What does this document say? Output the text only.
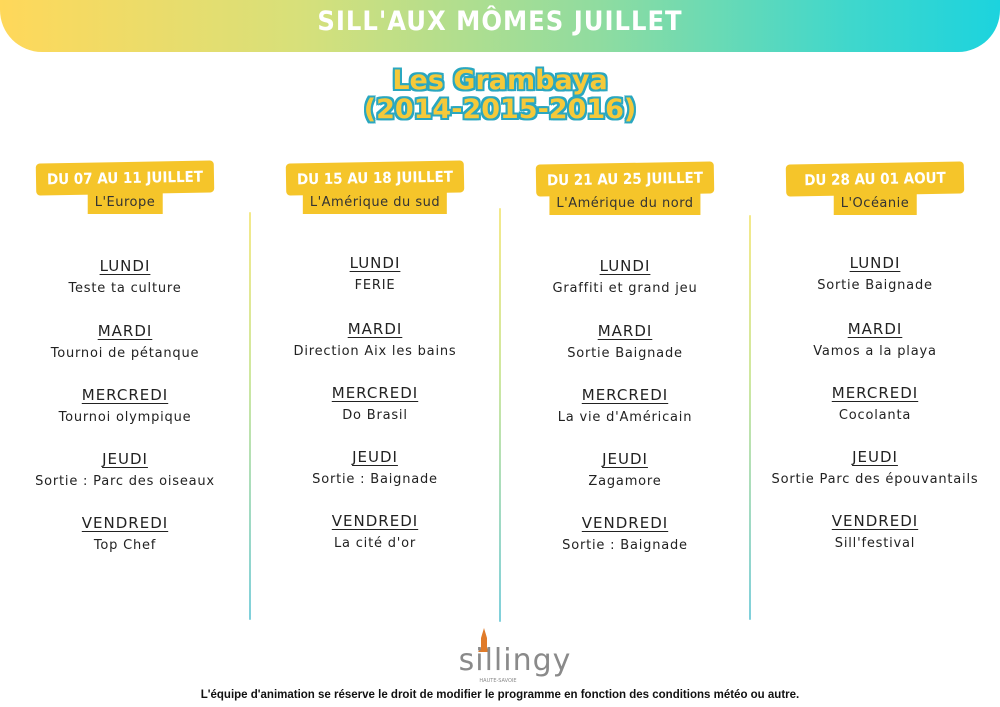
SILL'AUX MÔMES JUILLET
Les Grambaya
(2014-2015-2016)
DU 07 AU 11 JUILLET
L'Europe
LUNDI
Teste ta culture
MARDI
Tournoi de pétanque
MERCREDI
Tournoi olympique
JEUDI
Sortie : Parc des oiseaux
VENDREDI
Top Chef
DU 15 AU 18 JUILLET
L'Amérique du sud
LUNDI
FERIE
MARDI
Direction Aix les bains
MERCREDI
Do Brasil
JEUDI
Sortie : Baignade
VENDREDI
La cité d'or
DU 21 AU 25 JUILLET
L'Amérique du nord
LUNDI
Graffiti et grand jeu
MARDI
Sortie Baignade
MERCREDI
La vie d'Américain
JEUDI
Zagamore
VENDREDI
Sortie : Baignade
DU 28 AU 01 AOUT
L'Océanie
LUNDI
Sortie Baignade
MARDI
Vamos a la playa
MERCREDI
Cocolanta
JEUDI
Sortie Parc des épouvantails
VENDREDI
Sill'festival
sillingy
HAUTE-SAVOIE
L'équipe d'animation se réserve le droit de modifier le programme en fonction des conditions météo ou autre.
